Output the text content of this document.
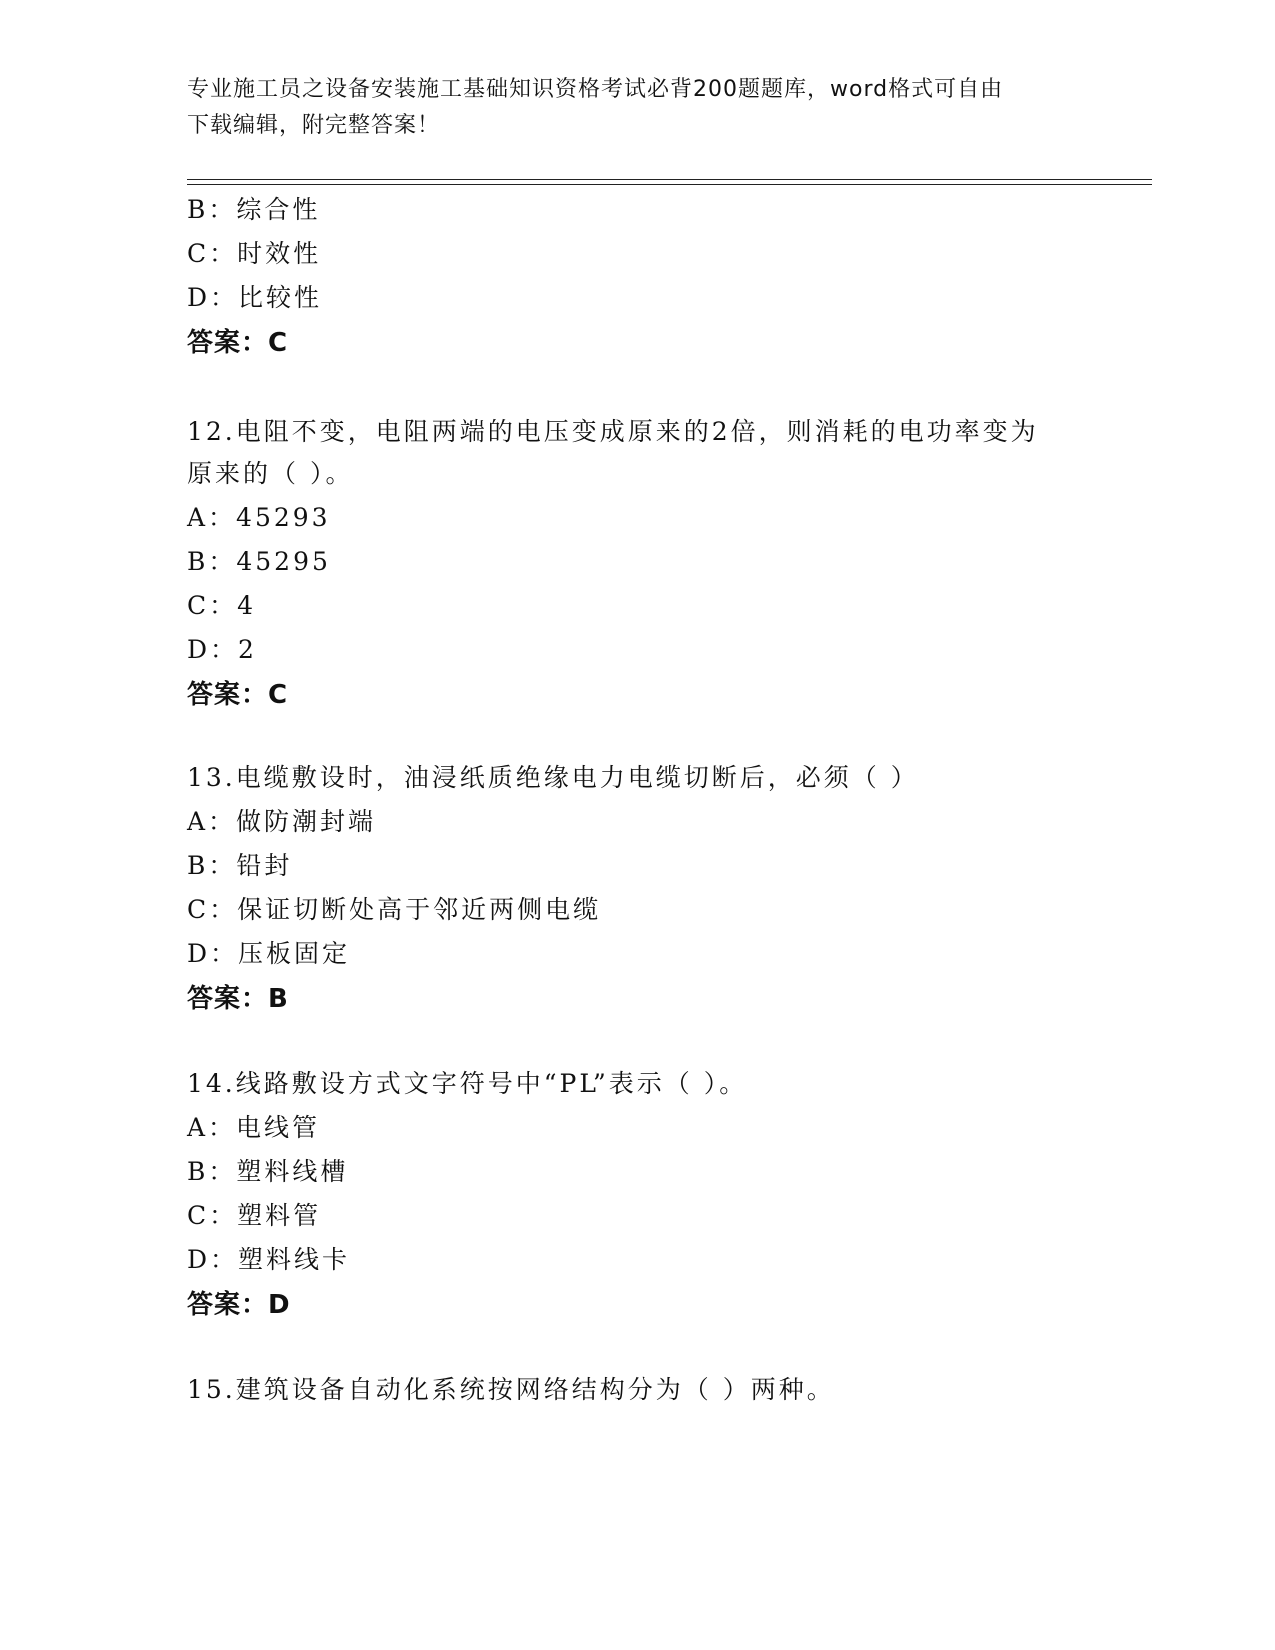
专业施工员之设备安装施工基础知识资格考试必背200题题库，word格式可自由
下载编辑，附完整答案！
B：综合性
C：时效性
D：比较性
答案：C
12.电阻不变，电阻两端的电压变成原来的2倍，则消耗的电功率变为
原来的（ ）。
A：45293
B：45295
C：4
D：2
答案：C
13.电缆敷设时，油浸纸质绝缘电力电缆切断后，必须（ ）
A：做防潮封端
B：铅封
C：保证切断处高于邻近两侧电缆
D：压板固定
答案：B
14.线路敷设方式文字符号中“PL”表示（ ）。
A：电线管
B：塑料线槽
C：塑料管
D：塑料线卡
答案：D
15.建筑设备自动化系统按网络结构分为（ ）两种。
